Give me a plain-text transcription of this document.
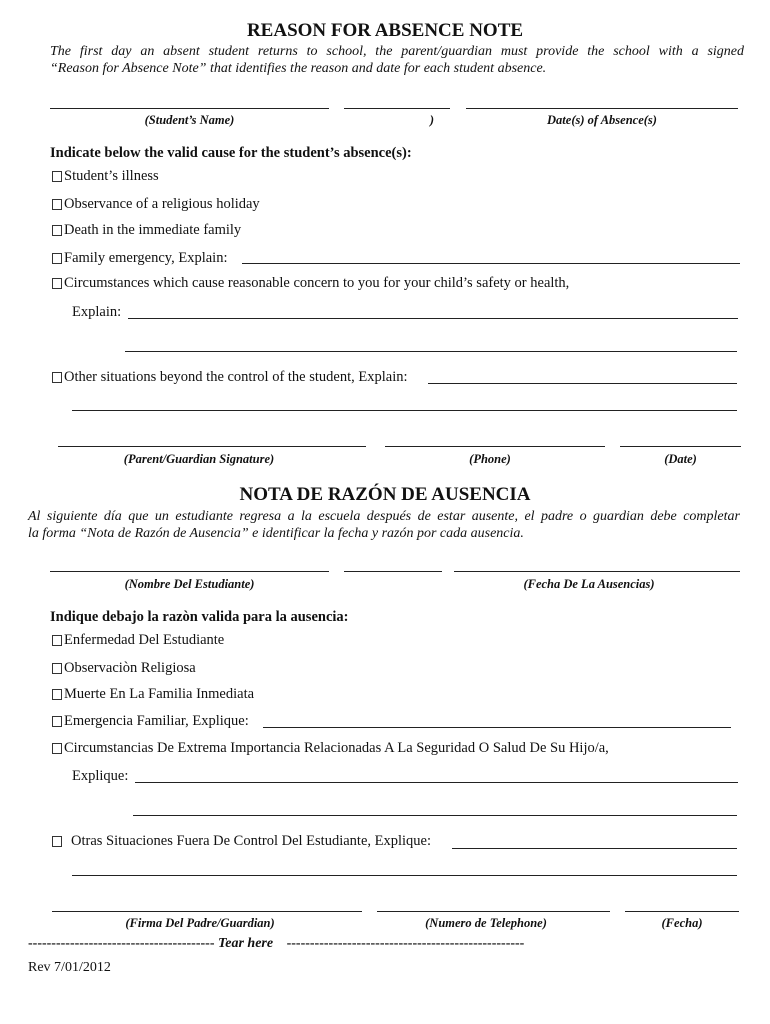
REASON FOR ABSENCE NOTE
The first day an absent student returns to school, the parent/guardian must provide the school with a signed
“Reason for Absence Note” that identifies the reason and date for each student absence.
(Student’s Name)	)	Date(s) of Absence(s)
Indicate below the valid cause for the student’s absence(s):
Student’s illness
Observance of a religious holiday
Death in the immediate family
Family emergency, Explain:
Circumstances which cause reasonable concern to you for your child’s safety or health,
Explain:
Other situations beyond the control of the student, Explain:
(Parent/Guardian Signature)	(Phone)	(Date)
NOTA DE RAZÓN DE AUSENCIA
Al siguiente día que un estudiante regresa a la escuela después de estar ausente, el padre o guardian debe completar
la forma “Nota de Razón de Ausencia” e identificar la fecha y razón por cada ausencia.
(Nombre Del Estudiante)	(Fecha De La Ausencias)
Indique debajo la razòn valida para la ausencia:
Enfermedad Del Estudiante
Observaciòn Religiosa
Muerte En La Familia Inmediata
Emergencia Familiar, Explique:
Circumstancias De Extrema Importancia Relacionadas A La Seguridad O Salud De Su Hijo/a,
Explique:
Otras Situaciones Fuera De Control Del Estudiante, Explique:
(Firma Del Padre/Guardian)	(Numero de Telephone)	(Fecha)
---------------------------------------- Tear here ---------------------------------------------------
Rev 7/01/2012
